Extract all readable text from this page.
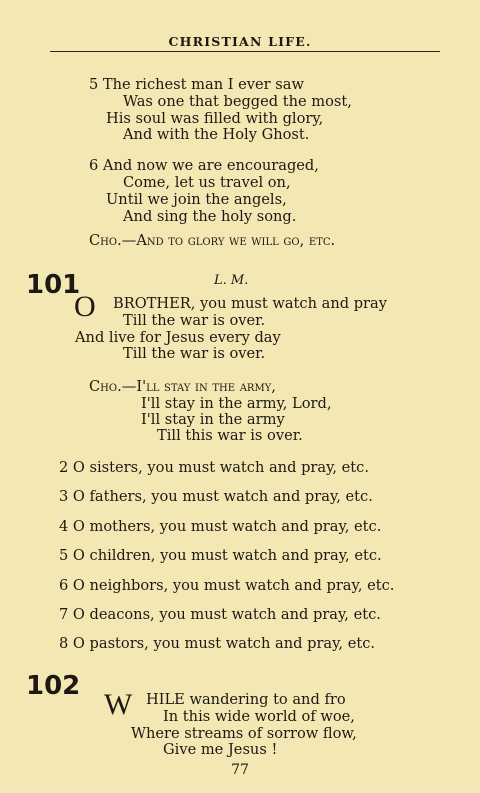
CHRISTIAN LIFE.
5 The richest man I ever saw
Was one that begged the most,
His soul was filled with glory,
And with the Holy Ghost.
6 And now we are encouraged,
Come, let us travel on,
Until we join the angels,
And sing the holy song.
Cho.—And to glory we will go, etc.
101	L. M.
O BROTHER, you must watch and pray
Till the war is over.
And live for Jesus every day
Till the war is over.
Cho.—I'll stay in the army,
I'll stay in the army, Lord,
I'll stay in the army
Till this war is over.
2 O sisters, you must watch and pray, etc.
3 O fathers, you must watch and pray, etc.
4 O mothers, you must watch and pray, etc.
5 O children, you must watch and pray, etc.
6 O neighbors, you must watch and pray, etc.
7 O deacons, you must watch and pray, etc.
8 O pastors, you must watch and pray, etc.
102
W HILE wandering to and fro
In this wide world of woe,
Where streams of sorrow flow,
Give me Jesus !
77
